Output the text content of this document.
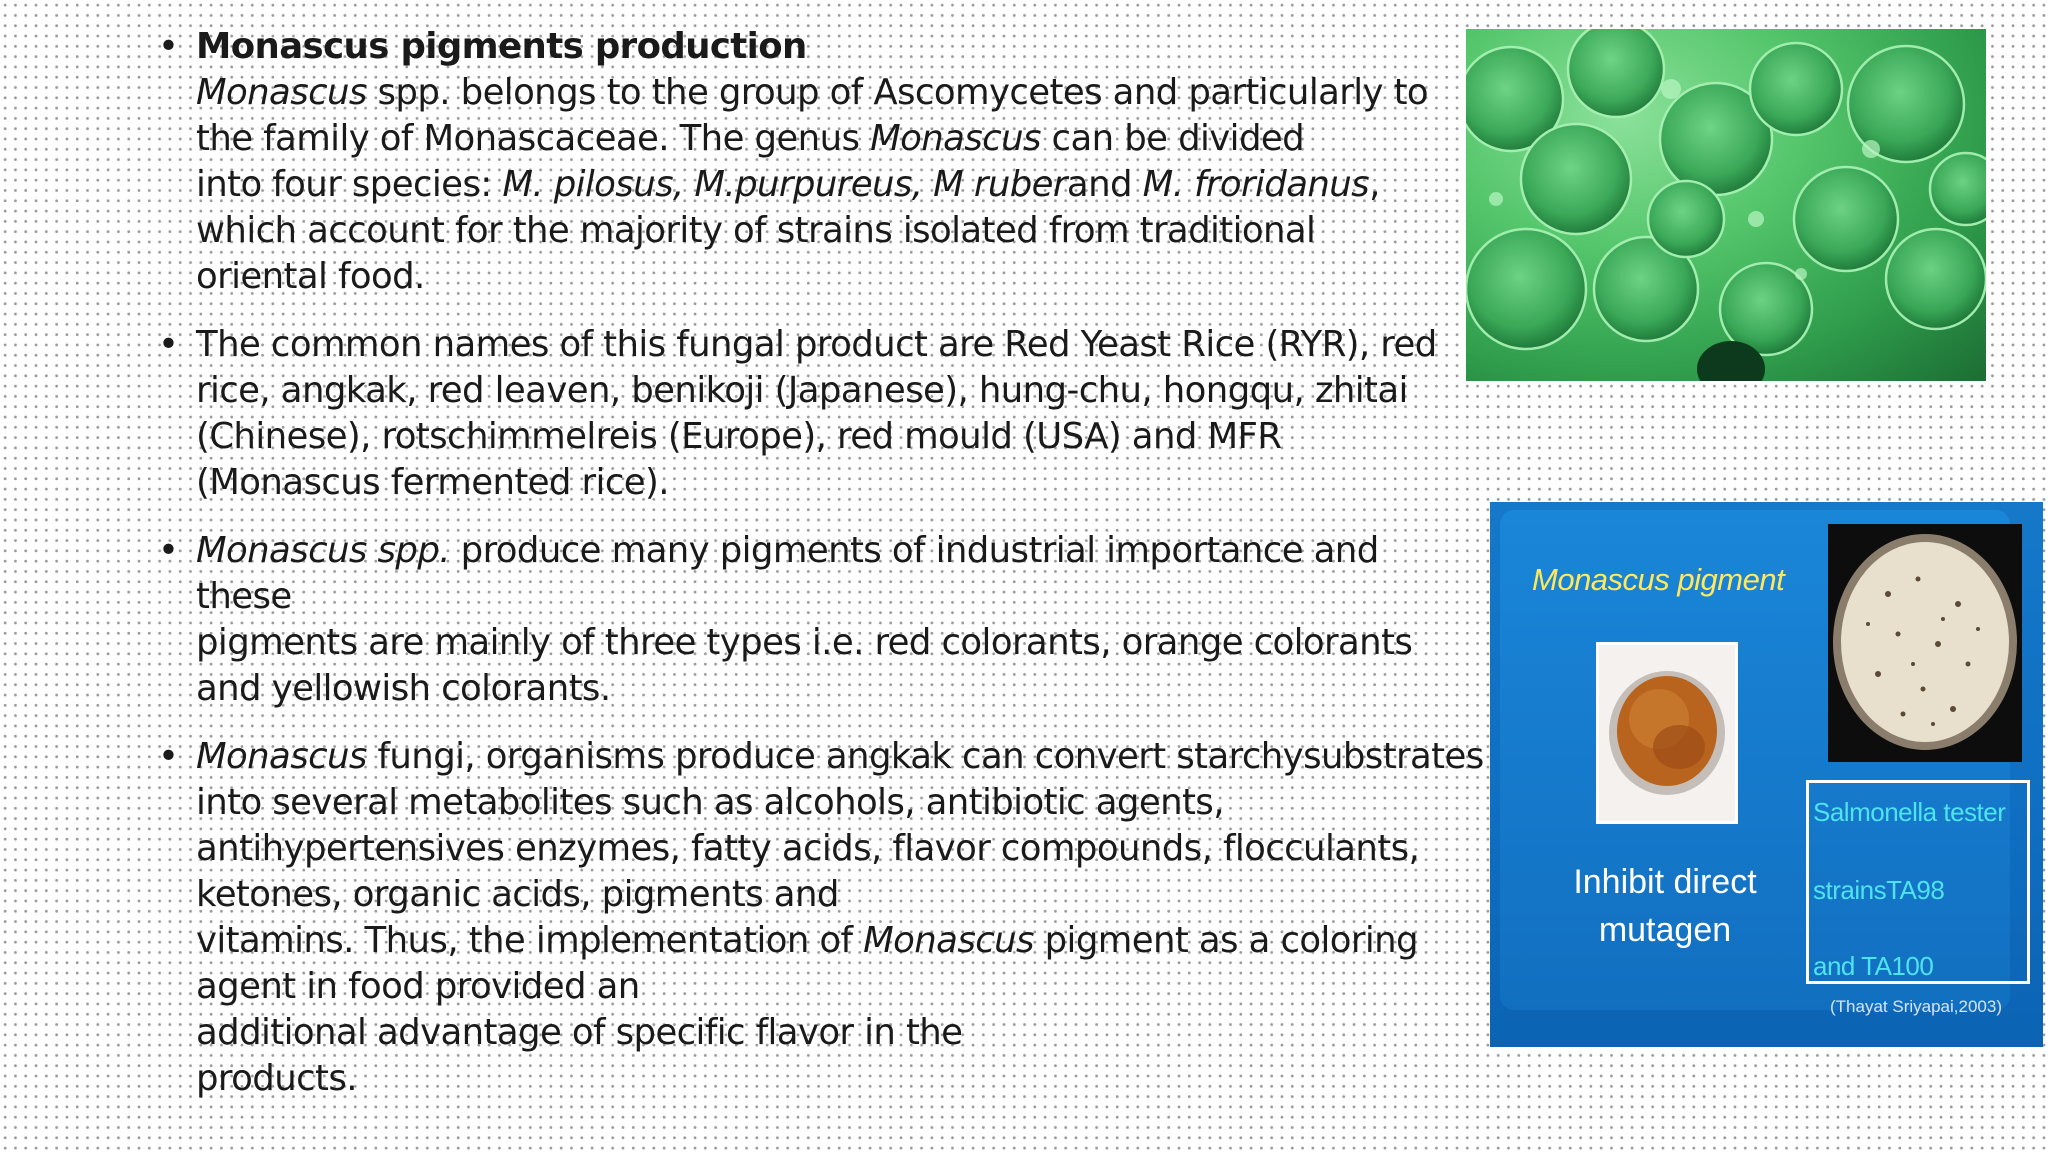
• Monascus pigments production
Monascus spp. belongs to the group of Ascomycetes and particularly to
the family of Monascaceae. The genus Monascus can be divided
into four species: M. pilosus, M.purpureus, M ruberand M. froridanus,
which account for the majority of strains isolated from traditional
oriental food.
• The common names of this fungal product are Red Yeast Rice (RYR), red
rice, angkak, red leaven, benikoji (Japanese), hung-chu, hongqu, zhitai
(Chinese), rotschimmelreis (Europe), red mould (USA) and MFR
(Monascus fermented rice).
• Monascus spp. produce many pigments of industrial importance and
these
pigments are mainly of three types i.e. red colorants, orange colorants
and yellowish colorants.
• Monascus fungi, organisms produce angkak can convert starchysubstrates
into several metabolites such as alcohols, antibiotic agents,
antihypertensives enzymes, fatty acids, flavor compounds, flocculants,
ketones, organic acids, pigments and
vitamins. Thus, the implementation of Monascus pigment as a coloring
agent in food provided an
additional advantage of specific flavor in the
products.
Monascus pigment
Inhibit direct
mutagen
Salmonella tester
strainsTA98
and TA100
(Thayat Sriyapai,2003)
